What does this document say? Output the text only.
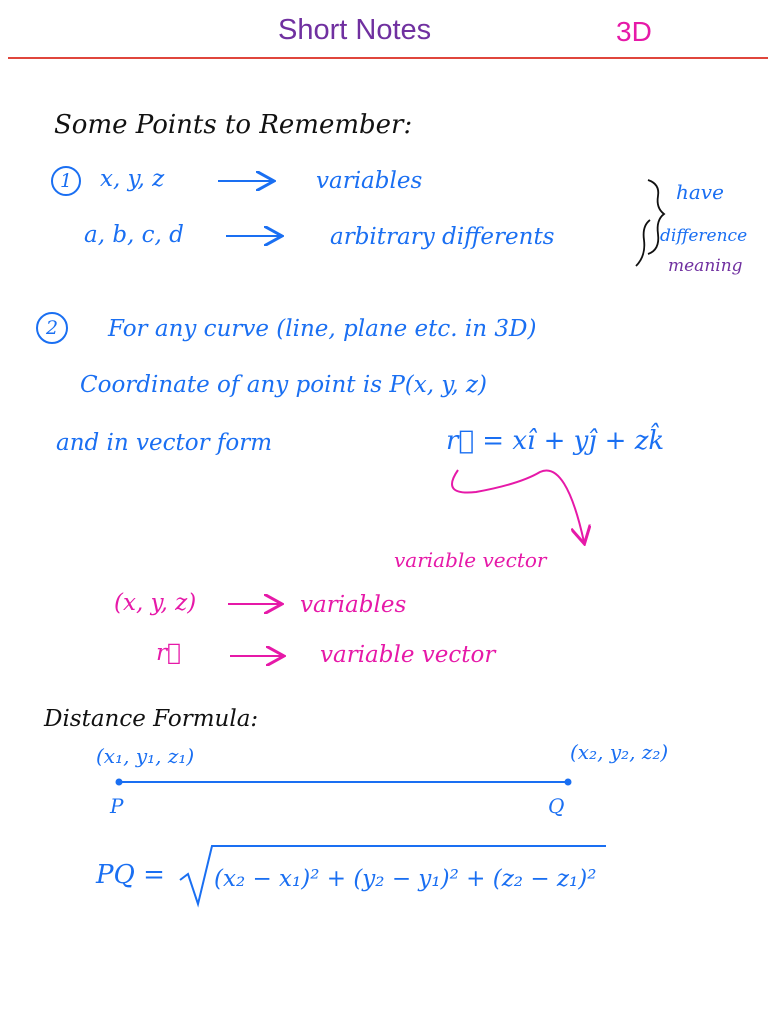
Short Notes	3D
Some Points to Remember:
1	x, y, z	variables
a, b, c, d	arbitrary differents
have
difference
meaning
2	For any curve (line, plane etc. in 3D)
Coordinate of any point is P(x, y, z)
and in vector form	r⃗ = xî + yĵ + zk̂
variable vector
(x, y, z)	variables
r⃗	variable vector
Distance Formula:
(x₁, y₁, z₁)	(x₂, y₂, z₂)
P	Q
PQ = (x₂ − x₁)² + (y₂ − y₁)² + (z₂ − z₁)²
